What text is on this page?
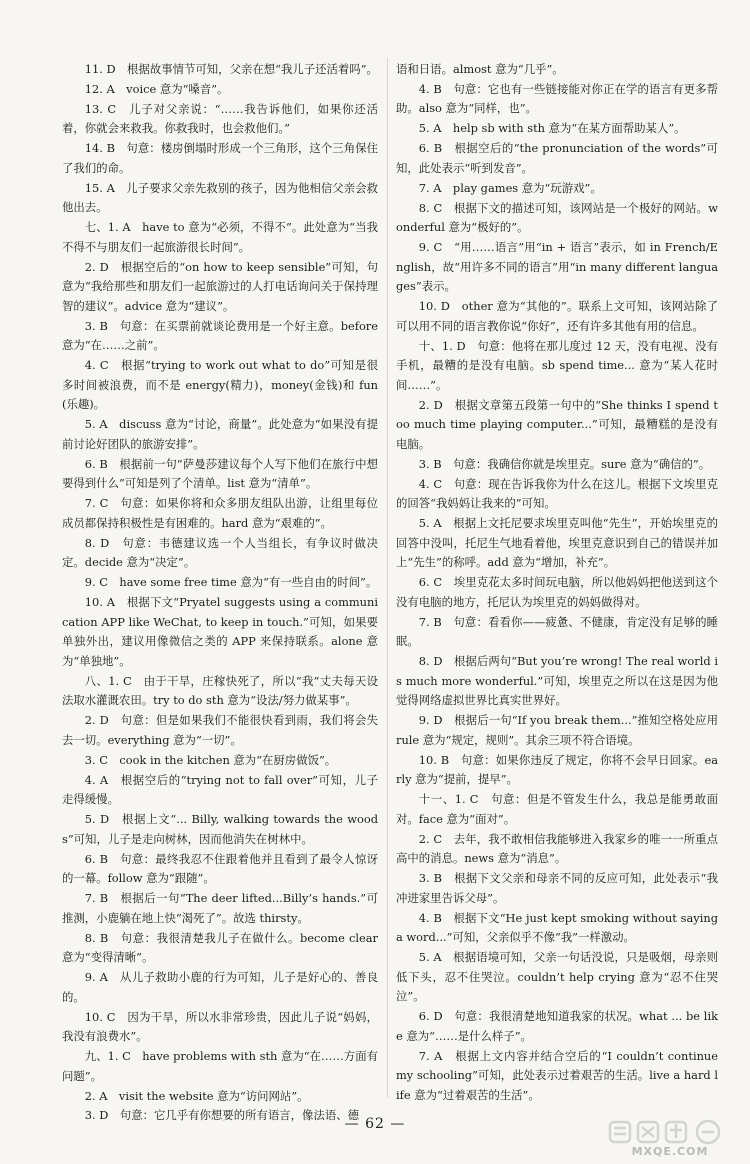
11. D　根据故事情节可知，父亲在想“我儿子还活着吗”。

12. A　voice 意为“嗓音”。

13. C　儿子对父亲说：“……我告诉他们，如果你还活着，你就会来救我。你救我时，也会救他们。”

14. B　句意：楼房倒塌时形成一个三角形，这个三角保住了我们的命。

15. A　儿子要求父亲先救别的孩子，因为他相信父亲会救他出去。

七、1. A　have to 意为“必须，不得不”。此处意为“当我不得不与朋友们一起旅游很长时间”。

2. D　根据空后的“on how to keep sensible”可知，句意为“我给那些和朋友们一起旅游过的人打电话询问关于保持理智的建议”。advice 意为“建议”。

3. B　句意：在买票前就谈论费用是一个好主意。before 意为“在……之前”。

4. C　根据“trying to work out what to do”可知是很多时间被浪费，而不是 energy(精力)，money(金钱)和 fun(乐趣)。

5. A　discuss 意为“讨论，商量”。此处意为“如果没有提前讨论好团队的旅游安排”。

6. B　根据前一句“萨曼莎建议每个人写下他们在旅行中想要得到什么”可知是列了个清单。list 意为“清单”。

7. C　句意：如果你将和众多朋友组队出游，让组里每位成员都保持积极性是有困难的。hard 意为“艰难的”。

8. D　句意：韦德建议选一个人当组长，有争议时做决定。decide 意为“决定”。

9. C　have some free time 意为“有一些自由的时间”。

10. A　根据下文“Pryatel suggests using a communication APP like WeChat, to keep in touch.”可知，如果要单独外出，建议用像微信之类的 APP 来保持联系。alone 意为“单独地”。

八、1. C　由于干旱，庄稼快死了，所以“我”丈夫每天设法取水灌溉农田。try to do sth 意为“设法/努力做某事”。

2. D　句意：但是如果我们不能很快看到雨，我们将会失去一切。everything 意为“一切”。

3. C　cook in the kitchen 意为“在厨房做饭”。

4. A　根据空后的“trying not to fall over”可知，儿子走得缓慢。

5. D　根据上文“... Billy, walking towards the woods”可知，儿子是走向树林，因而他消失在树林中。

6. B　句意：最终我忍不住跟着他并且看到了最令人惊讶的一幕。follow 意为“跟随”。

7. B　根据后一句“The deer lifted...Billy’s hands.”可推测，小鹿躺在地上快“渴死了”。故选 thirsty。

8. B　句意：我很清楚我儿子在做什么。become clear 意为“变得清晰”。

9. A　从儿子救助小鹿的行为可知，儿子是好心的、善良的。

10. C　因为干旱，所以水非常珍贵，因此儿子说“妈妈，我没有浪费水”。

九、1. C　have problems with sth 意为“在……方面有问题”。

2. A　visit the website 意为“访问网站”。

3. D　句意：它几乎有你想要的所有语言，像法语、德

语和日语。almost 意为“几乎”。

4. B　句意：它也有一些链接能对你正在学的语言有更多帮助。also 意为“同样，也”。

5. A　help sb with sth 意为“在某方面帮助某人”。

6. B　根据空后的“the pronunciation of the words”可知，此处表示“听到发音”。

7. A　play games 意为“玩游戏”。

8. C　根据下文的描述可知，该网站是一个极好的网站。wonderful 意为“极好的”。

9. C　“用……语言”用“in + 语言”表示，如 in French/English，故“用许多不同的语言”用“in many different languages”表示。

10. D　other 意为“其他的”。联系上文可知，该网站除了可以用不同的语言教你说“你好”，还有许多其他有用的信息。

十、1. D　句意：他将在那儿度过 12 天，没有电视、没有手机，最糟的是没有电脑。sb spend time... 意为“某人花时间……”。

2. D　根据文章第五段第一句中的“She thinks I spend too much time playing computer...”可知，最糟糕的是没有电脑。

3. B　句意：我确信你就是埃里克。sure 意为“确信的”。

4. C　句意：现在告诉我你为什么在这儿。根据下文埃里克的回答“我妈妈让我来的”可知。

5. A　根据上文托尼要求埃里克叫他“先生”，开始埃里克的回答中没叫，托尼生气地看着他，埃里克意识到自己的错误并加上“先生”的称呼。add 意为“增加，补充”。

6. C　埃里克花太多时间玩电脑，所以他妈妈把他送到这个没有电脑的地方，托尼认为埃里克的妈妈做得对。

7. B　句意：看看你——疲惫、不健康，肯定没有足够的睡眠。

8. D　根据后两句“But you’re wrong! The real world is much more wonderful.”可知，埃里克之所以在这是因为他觉得网络虚拟世界比真实世界好。

9. D　根据后一句“If you break them...”推知空格处应用 rule 意为“规定，规则”。其余三项不符合语境。

10. B　句意：如果你违反了规定，你将不会早日回家。early 意为“提前，提早”。

十一、1. C　句意：但是不管发生什么，我总是能勇敢面对。face 意为“面对”。

2. C　去年，我不敢相信我能够进入我家乡的唯一一所重点高中的消息。news 意为“消息”。

3. B　根据下文父亲和母亲不同的反应可知，此处表示“我冲进家里告诉父母”。

4. B　根据下文“He just kept smoking without saying a word...”可知，父亲似乎不像“我”一样激动。

5. A　根据语境可知，父亲一句话没说，只是吸烟，母亲则低下头，忍不住哭泣。couldn’t help crying 意为“忍不住哭泣”。

6. D　句意：我很清楚地知道我家的状况。what ... be like 意为“……是什么样子”。

7. A　根据上文内容并结合空后的“I couldn’t continue my schooling”可知，此处表示过着艰苦的生活。live a hard life 意为“过着艰苦的生活”。

— 62 —
MXQE.COM
